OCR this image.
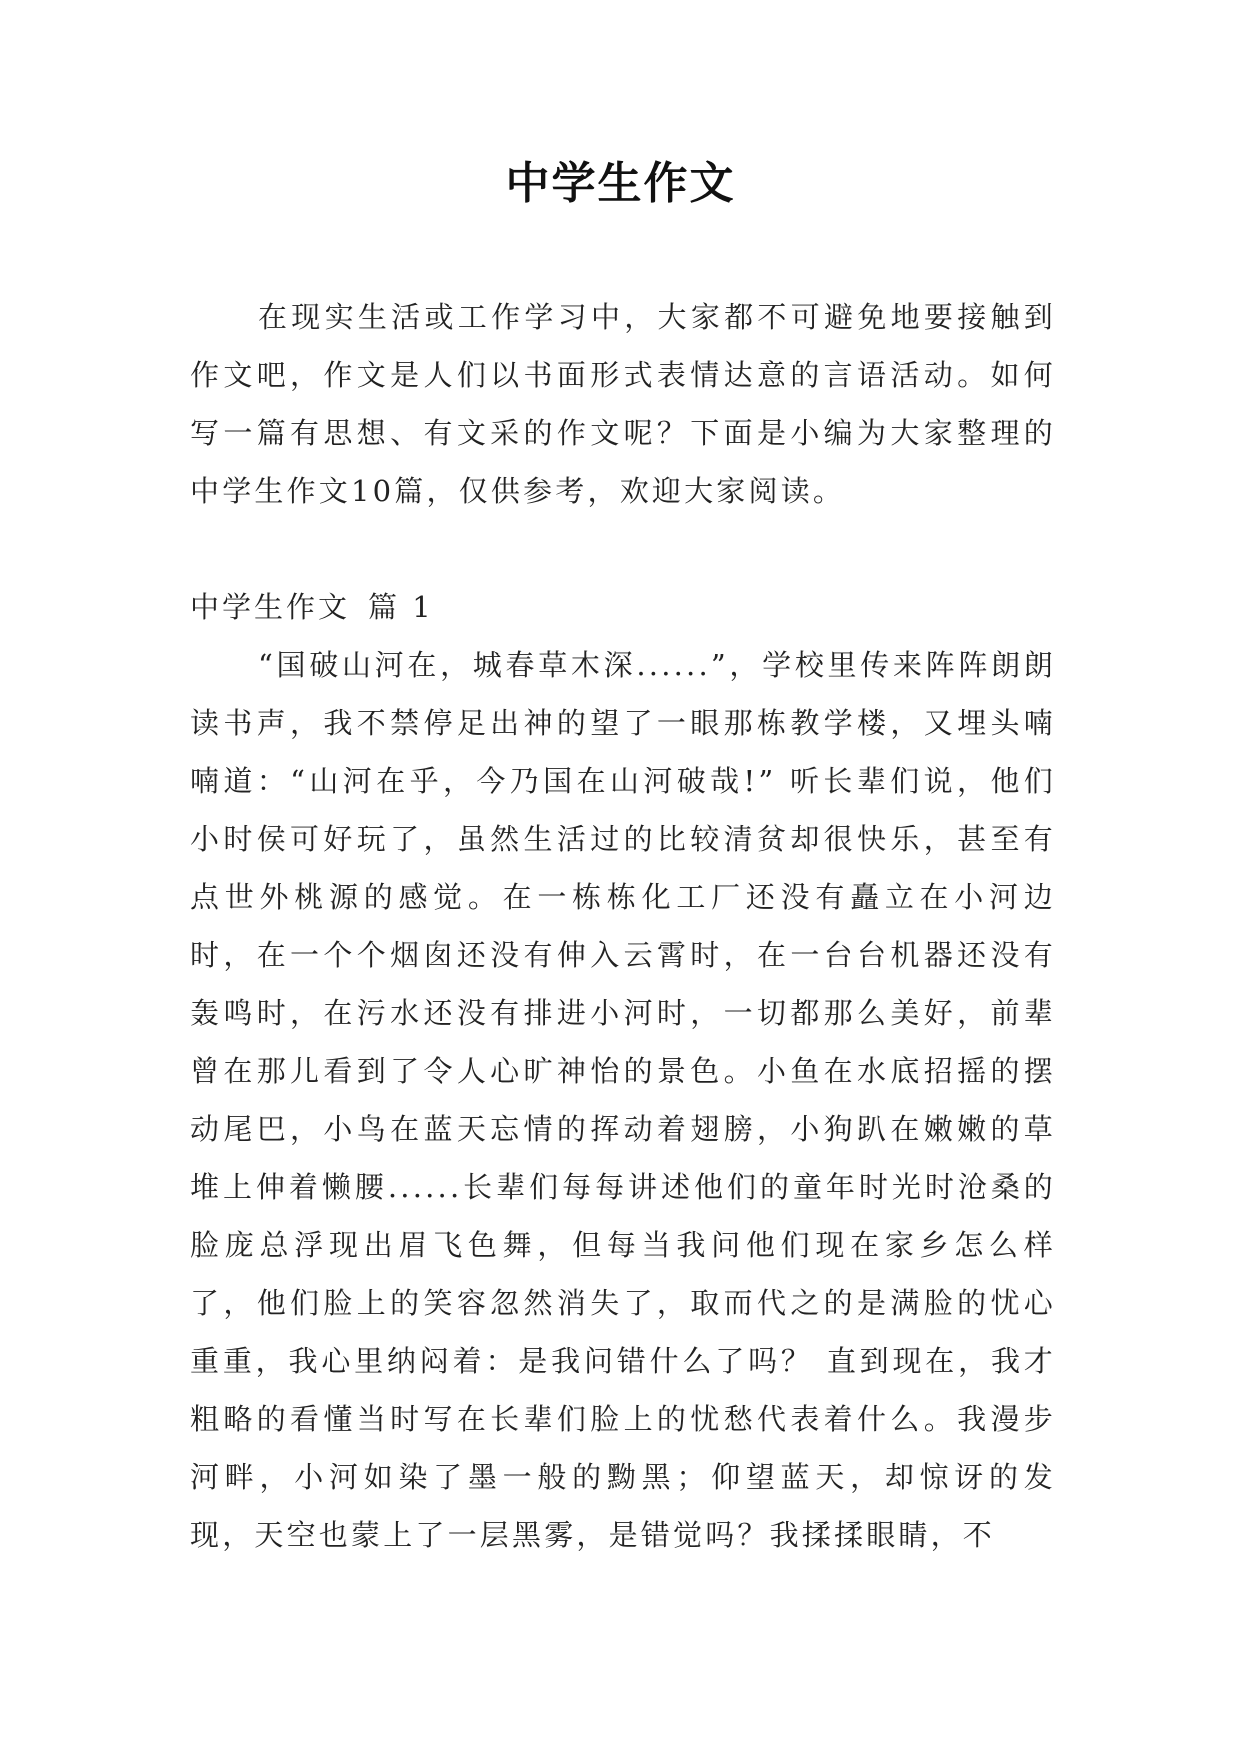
中学生作文

在现实生活或工作学习中，大家都不可避免地要接触到作文吧，作文是人们以书面形式表情达意的言语活动。如何写一篇有思想、有文采的作文呢？下面是小编为大家整理的中学生作文10篇，仅供参考，欢迎大家阅读。

中学生作文 篇 1

“国破山河在，城春草木深......”，学校里传来阵阵朗朗读书声，我不禁停足出神的望了一眼那栋教学楼，又埋头喃喃道：“山河在乎，今乃国在山河破哉!” 听长辈们说，他们小时侯可好玩了，虽然生活过的比较清贫却很快乐，甚至有点世外桃源的感觉。在一栋栋化工厂还没有矗立在小河边时，在一个个烟囱还没有伸入云霄时，在一台台机器还没有轰鸣时，在污水还没有排进小河时，一切都那么美好，前辈曾在那儿看到了令人心旷神怡的景色。小鱼在水底招摇的摆动尾巴，小鸟在蓝天忘情的挥动着翅膀，小狗趴在嫩嫩的草堆上伸着懒腰......长辈们每每讲述他们的童年时光时沧桑的脸庞总浮现出眉飞色舞，但每当我问他们现在家乡怎么样了，他们脸上的笑容忽然消失了，取而代之的是满脸的忧心重重，我心里纳闷着：是我问错什么了吗？ 直到现在，我才粗略的看懂当时写在长辈们脸上的忧愁代表着什么。我漫步河畔，小河如染了墨一般的黝黑；仰望蓝天，却惊讶的发现，天空也蒙上了一层黑雾，是错觉吗？我揉揉眼睛，不
